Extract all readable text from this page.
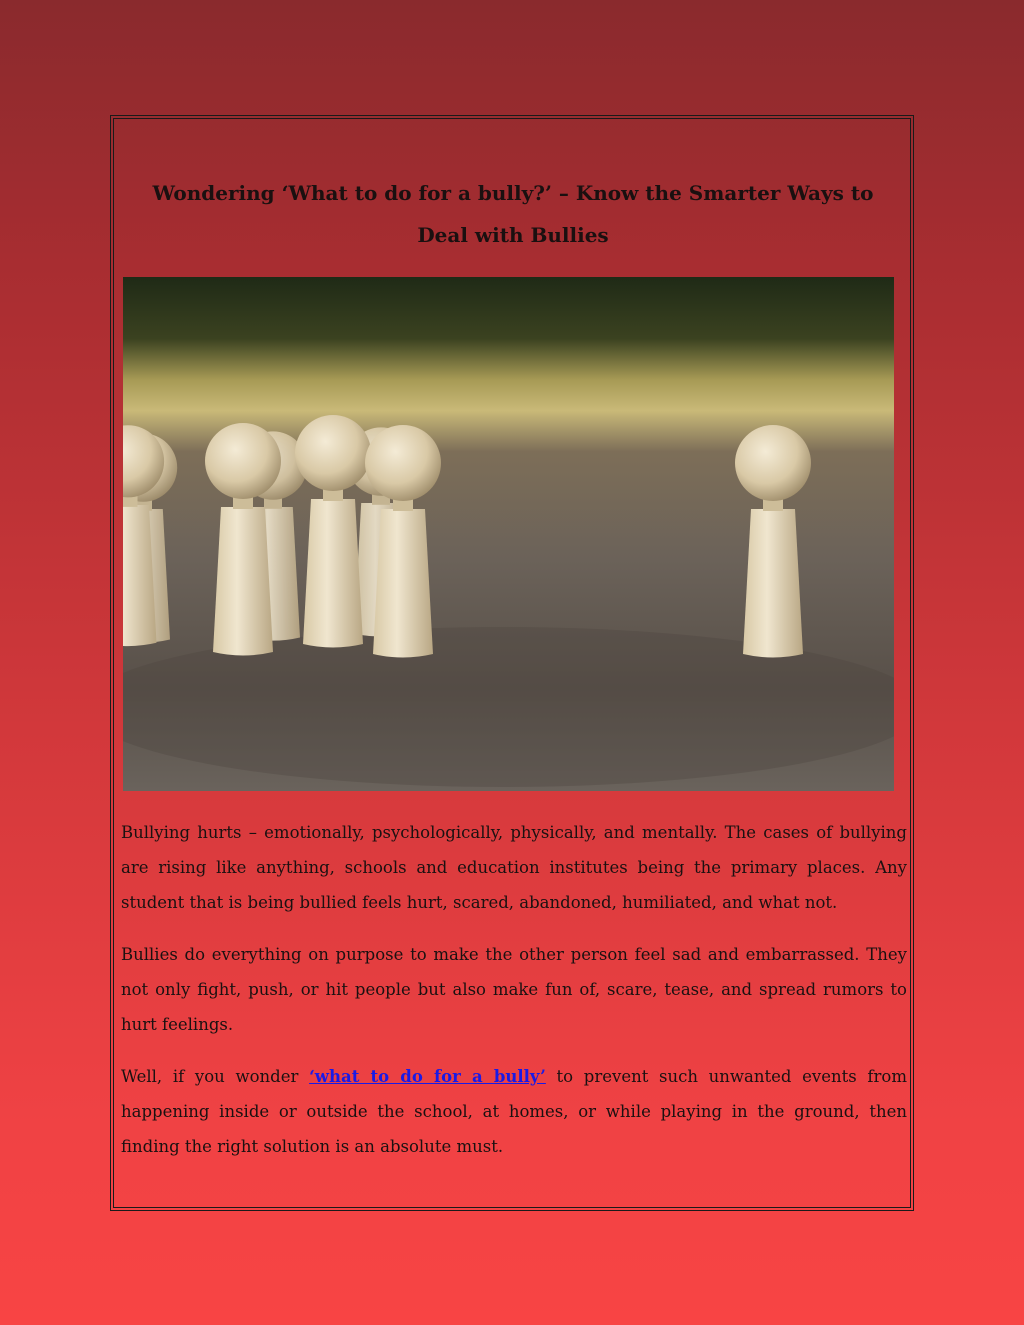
Wondering ‘What to do for a bully?’ – Know the Smarter Ways to Deal with Bullies

Bullying hurts – emotionally, psychologically, physically, and mentally. The cases of bullying are rising like anything, schools and education institutes being the primary places. Any student that is being bullied feels hurt, scared, abandoned, humiliated, and what not.

Bullies do everything on purpose to make the other person feel sad and embarrassed. They not only fight, push, or hit people but also make fun of, scare, tease, and spread rumors to hurt feelings.

Well, if you wonder ‘what to do for a bully’ to prevent such unwanted events from happening inside or outside the school, at homes, or while playing in the ground, then finding the right solution is an absolute must.
